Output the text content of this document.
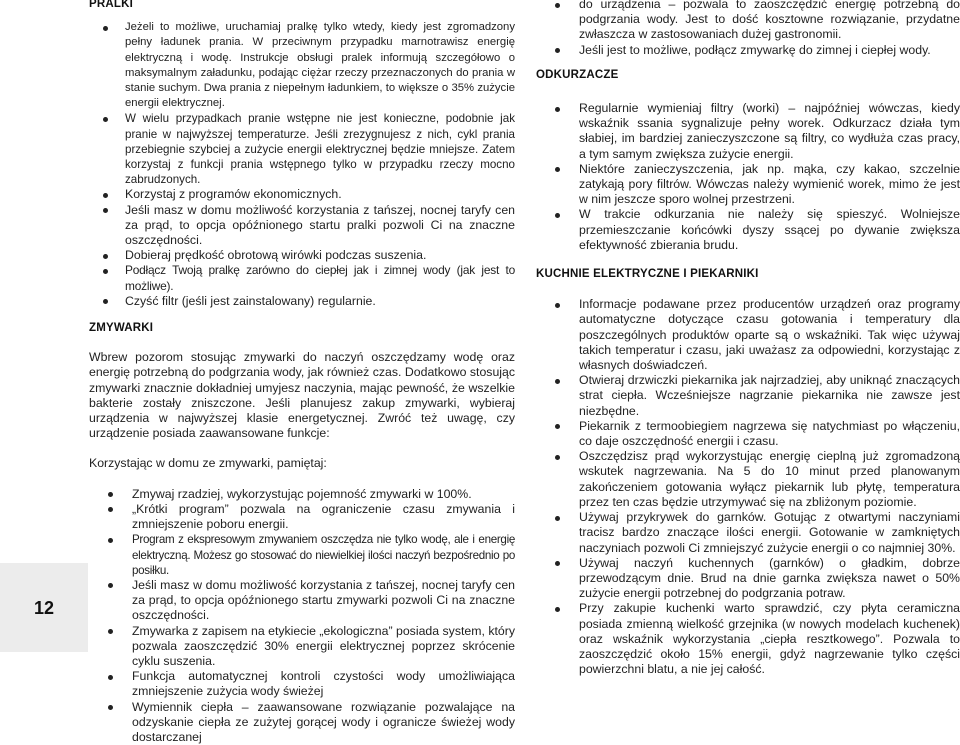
12
PRALKI
Jeżeli to możliwe, uruchamiaj pralkę tylko wtedy, kiedy jest zgromadzony pełny ładunek prania. W przeciwnym przypadku marnotrawisz energię elektryczną i wodę. Instrukcje obsługi pralek informują szczegółowo o maksymalnym załadunku, podając ciężar rzeczy przeznaczonych do prania w stanie suchym. Dwa prania z niepełnym ładunkiem, to większe o 35% zużycie energii elektrycznej.
W wielu przypadkach pranie wstępne nie jest konieczne, podobnie jak pranie w najwyższej temperaturze. Jeśli zrezygnujesz z nich, cykl prania przebiegnie szybciej a zużycie energii elektrycznej będzie mniejsze. Zatem korzystaj z funkcji prania wstępnego tylko w przypadku rzeczy mocno zabrudzonych.
Korzystaj z programów ekonomicznych.
Jeśli masz w domu możliwość korzystania z tańszej, nocnej taryfy cen za prąd, to opcja opóźnionego startu pralki pozwoli Ci na znaczne oszczędności.
Dobieraj prędkość obrotową wirówki podczas suszenia.
Podłącz Twoją pralkę zarówno do ciepłej jak i zimnej wody (jak jest to możliwe).
Czyść filtr (jeśli jest zainstalowany) regularnie.
ZMYWARKI

Wbrew pozorom stosując zmywarki do naczyń oszczędzamy wodę oraz energię potrzebną do podgrzania wody, jak również czas. Dodatkowo stosując zmywarki znacznie dokładniej umyjesz naczynia, mając pewność, że wszelkie bakterie zostały zniszczone. Jeśli planujesz zakup zmywarki, wybieraj urządzenia w najwyższej klasie energetycznej. Zwróć też uwagę, czy urządzenie posiada zaawansowane funkcje:

Korzystając w domu ze zmywarki, pamiętaj:

Zmywaj rzadziej, wykorzystując pojemność zmywarki w 100%.
„Krótki program” pozwala na ograniczenie czasu zmywania i zmniejszenie poboru energii.
Program z ekspresowym zmywaniem oszczędza nie tylko wodę, ale i energię elektryczną. Możesz go stosować do niewielkiej ilości naczyń bezpośrednio po posiłku.
Jeśli masz w domu możliwość korzystania z tańszej, nocnej taryfy cen za prąd, to opcja opóźnionego startu zmywarki pozwoli Ci na znaczne oszczędności.
Zmywarka z zapisem na etykiecie „ekologiczna” posiada system, który pozwala zaoszczędzić 30% energii elektrycznej poprzez skrócenie cyklu suszenia.
Funkcja automatycznej kontroli czystości wody umożliwiająca zmniejszenie zużycia wody świeżej
Wymiennik ciepła – zaawansowane rozwiązanie pozwalające na odzyskanie ciepła ze zużytej gorącej wody i ogranicze świeżej wody dostarczanej
do urządzenia – pozwala to zaoszczędzić energię potrzebną do podgrzania wody. Jest to dość kosztowne rozwiązanie, przydatne zwłaszcza w zastosowaniach dużej gastronomii.
Jeśli jest to możliwe, podłącz zmywarkę do zimnej i ciepłej wody.
ODKURZACZE
Regularnie wymieniaj filtry (worki) – najpóźniej wówczas, kiedy wskaźnik ssania sygnalizuje pełny worek. Odkurzacz działa tym słabiej, im bardziej zanieczyszczone są filtry, co wydłuża czas pracy, a tym samym zwiększa zużycie energii.
Niektóre zanieczyszczenia, jak np. mąka, czy kakao, szczelnie zatykają pory filtrów. Wówczas należy wymienić worek, mimo że jest w nim jeszcze sporo wolnej przestrzeni.
W trakcie odkurzania nie należy się spieszyć. Wolniejsze przemieszczanie końcówki dyszy ssącej po dywanie zwiększa efektywność zbierania brudu.
KUCHNIE ELEKTRYCZNE I PIEKARNIKI
Informacje podawane przez producentów urządzeń oraz programy automatyczne dotyczące czasu gotowania i temperatury dla poszczególnych produktów oparte są o wskaźniki. Tak więc używaj takich temperatur i czasu, jaki uważasz za odpowiedni, korzystając z własnych doświadczeń.
Otwieraj drzwiczki piekarnika jak najrzadziej, aby uniknąć znaczących strat ciepła. Wcześniejsze nagrzanie piekarnika nie zawsze jest niezbędne.
Piekarnik z termoobiegiem nagrzewa się natychmiast po włączeniu, co daje oszczędność energii i czasu.
Oszczędzisz prąd wykorzystując energię cieplną już zgromadzoną wskutek nagrzewania. Na 5 do 10 minut przed planowanym zakończeniem gotowania wyłącz piekarnik lub płytę, temperatura przez ten czas będzie utrzymywać się na zbliżonym poziomie.
Używaj przykrywek do garnków. Gotując z otwartymi naczyniami tracisz bardzo znaczące ilości energii. Gotowanie w zamkniętych naczyniach pozwoli Ci zmniejszyć zużycie energii o co najmniej 30%.
Używaj naczyń kuchennych (garnków) o gładkim, dobrze przewodzącym dnie. Brud na dnie garnka zwiększa nawet o 50% zużycie energii potrzebnej do podgrzania potraw.
Przy zakupie kuchenki warto sprawdzić, czy płyta ceramiczna posiada zmienną wielkość grzejnika (w nowych modelach kuchenek) oraz wskaźnik wykorzystania „ciepła resztkowego”. Pozwala to zaoszczędzić około 15% energii, gdyż nagrzewanie tylko części powierzchni blatu, a nie jej całość.
